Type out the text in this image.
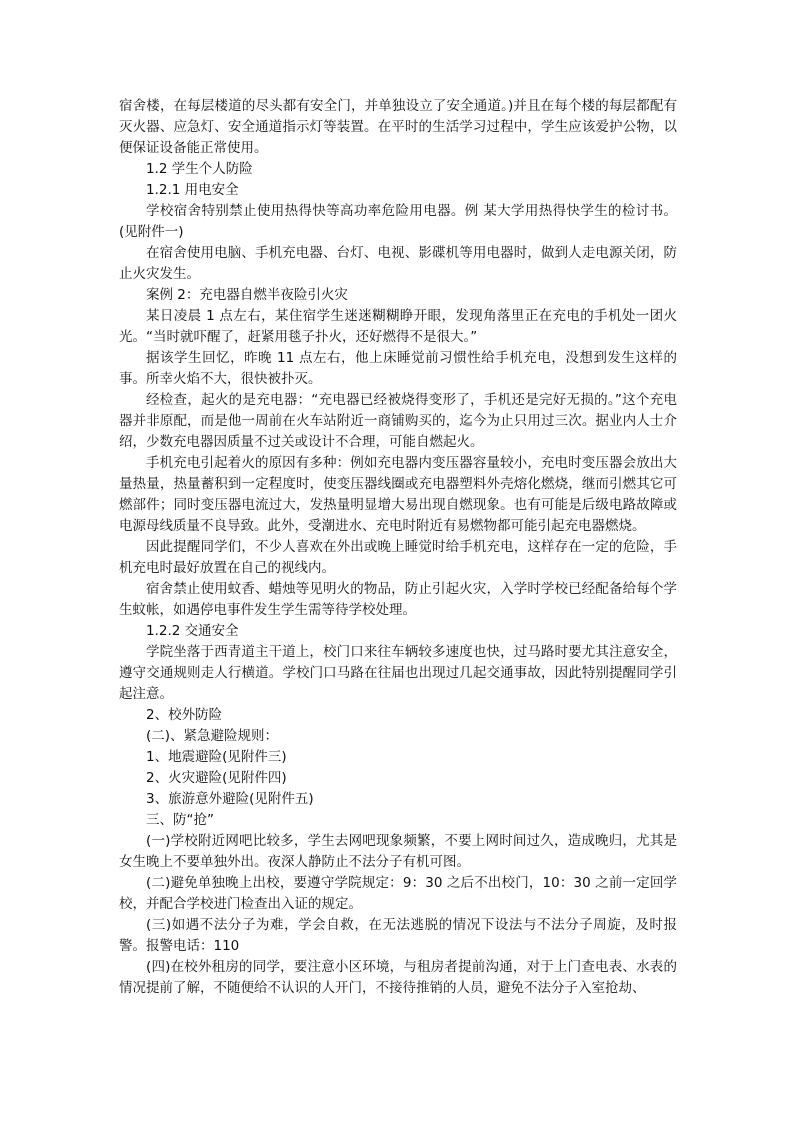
宿舍楼，在每层楼道的尽头都有安全门，并单独设立了安全通道。)并且在每个楼的每层都配有灭火器、应急灯、安全通道指示灯等装置。在平时的生活学习过程中，学生应该爱护公物，以便保证设备能正常使用。

1.2 学生个人防险

1.2.1 用电安全

学校宿舍特别禁止使用热得快等高功率危险用电器。例 某大学用热得快学生的检讨书。(见附件一)

在宿舍使用电脑、手机充电器、台灯、电视、影碟机等用电器时，做到人走电源关闭，防止火灾发生。

案例 2：充电器自燃半夜险引火灾

某日凌晨 1 点左右，某住宿学生迷迷糊糊睁开眼，发现角落里正在充电的手机处一团火光。“当时就吓醒了，赶紧用毯子扑火，还好燃得不是很大。”

据该学生回忆，昨晚 11 点左右，他上床睡觉前习惯性给手机充电，没想到发生这样的事。所幸火焰不大，很快被扑灭。

经检查，起火的是充电器：“充电器已经被烧得变形了，手机还是完好无损的。”这个充电器并非原配，而是他一周前在火车站附近一商铺购买的，迄今为止只用过三次。据业内人士介绍，少数充电器因质量不过关或设计不合理，可能自燃起火。

手机充电引起着火的原因有多种：例如充电器内变压器容量较小，充电时变压器会放出大量热量，热量蓄积到一定程度时，使变压器线圈或充电器塑料外壳熔化燃烧，继而引燃其它可燃部件；同时变压器电流过大，发热量明显增大易出现自燃现象。也有可能是后级电路故障或电源母线质量不良导致。此外，受潮进水、充电时附近有易燃物都可能引起充电器燃烧。

因此提醒同学们，不少人喜欢在外出或晚上睡觉时给手机充电，这样存在一定的危险，手机充电时最好放置在自己的视线内。

宿舍禁止使用蚊香、蜡烛等见明火的物品，防止引起火灾，入学时学校已经配备给每个学生蚊帐，如遇停电事件发生学生需等待学校处理。

1.2.2 交通安全

学院坐落于西青道主干道上，校门口来往车辆较多速度也快，过马路时要尤其注意安全，遵守交通规则走人行横道。学校门口马路在往届也出现过几起交通事故，因此特别提醒同学引起注意。

2、校外防险

(二)、紧急避险规则：

1、地震避险(见附件三)

2、火灾避险(见附件四)

3、旅游意外避险(见附件五)

三、防“抢”

(一)学校附近网吧比较多，学生去网吧现象频繁，不要上网时间过久，造成晚归，尤其是女生晚上不要单独外出。夜深人静防止不法分子有机可图。

(二)避免单独晚上出校，要遵守学院规定：9：30 之后不出校门，10：30 之前一定回学校，并配合学校进门检查出入证的规定。

(三)如遇不法分子为难，学会自救，在无法逃脱的情况下设法与不法分子周旋，及时报警。报警电话：110

(四)在校外租房的同学，要注意小区环境，与租房者提前沟通，对于上门查电表、水表的情况提前了解，不随便给不认识的人开门，不接待推销的人员，避免不法分子入室抢劫、
